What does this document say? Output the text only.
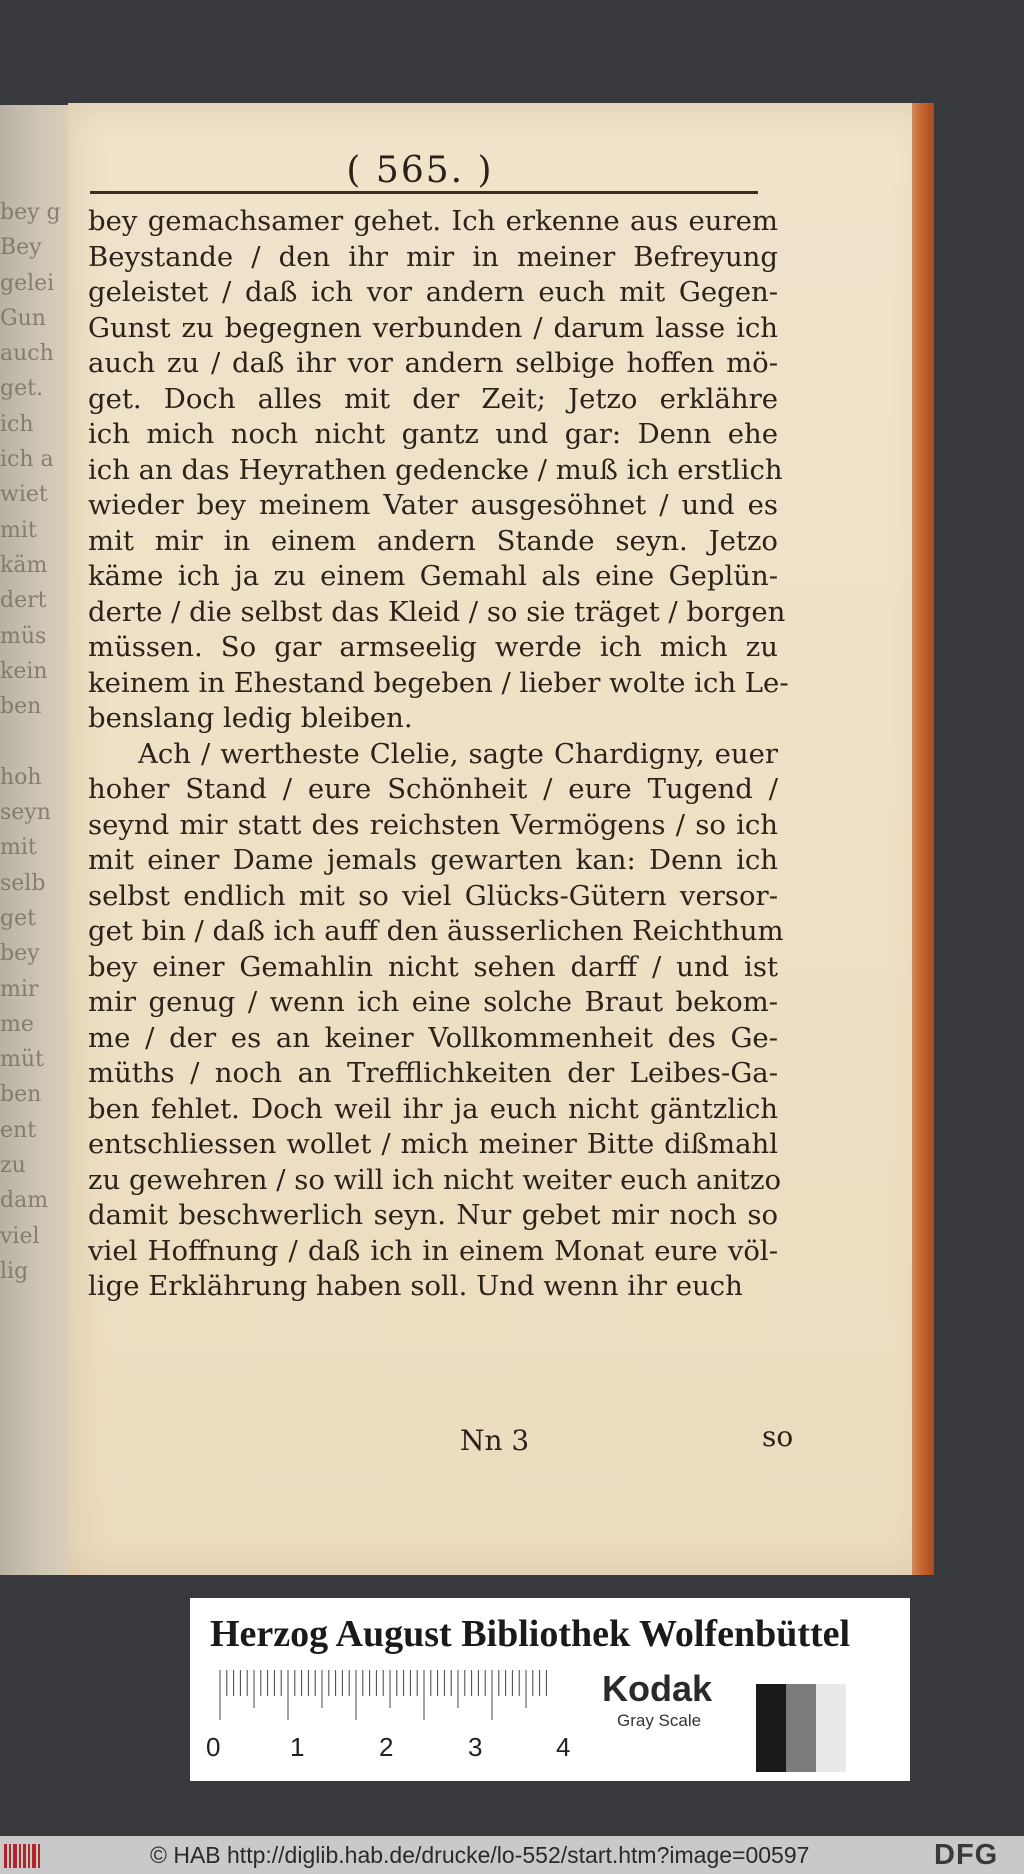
bey g
Bey
gelei
Gun
auch
get.
ich
ich a
wiet
mit
käm
dert
müs
kein
ben

hoh
seyn
mit
selb
get
bey
mir
me
müt
ben
ent
zu
dam
viel
lig
( 565. )
bey gemachsamer gehet. Ich erkenne aus eurem
Beystande / den ihr mir in meiner Befreyung
geleistet / daß ich vor andern euch mit Gegen-
Gunst zu begegnen verbunden / darum lasse ich
auch zu / daß ihr vor andern selbige hoffen mö-
get. Doch alles mit der Zeit; Jetzo erklähre
ich mich noch nicht gantz und gar: Denn ehe
ich an das Heyrathen gedencke / muß ich erstlich
wieder bey meinem Vater ausgesöhnet / und es
mit mir in einem andern Stande seyn. Jetzo
käme ich ja zu einem Gemahl als eine Geplün-
derte / die selbst das Kleid / so sie träget / borgen
müssen. So gar armseelig werde ich mich zu
keinem in Ehestand begeben / lieber wolte ich Le-
benslang ledig bleiben.
Ach / wertheste Clelie, sagte Chardigny, euer
hoher Stand / eure Schönheit / eure Tugend /
seynd mir statt des reichsten Vermögens / so ich
mit einer Dame jemals gewarten kan: Denn ich
selbst endlich mit so viel Glücks-Gütern versor-
get bin / daß ich auff den äusserlichen Reichthum
bey einer Gemahlin nicht sehen darff / und ist
mir genug / wenn ich eine solche Braut bekom-
me / der es an keiner Vollkommenheit des Ge-
müths / noch an Trefflichkeiten der Leibes-Ga-
ben fehlet. Doch weil ihr ja euch nicht gäntzlich
entschliessen wollet / mich meiner Bitte dißmahl
zu gewehren / so will ich nicht weiter euch anitzo
damit beschwerlich seyn. Nur gebet mir noch so
viel Hoffnung / daß ich in einem Monat eure völ-
lige Erklährung haben soll. Und wenn ihr euch
Nn 3	so
Herzog August Bibliothek Wolfenbüttel
0	1	2	3	4
Kodak
Gray Scale
© HAB http://diglib.hab.de/drucke/lo-552/start.htm?image=00597	DFG
